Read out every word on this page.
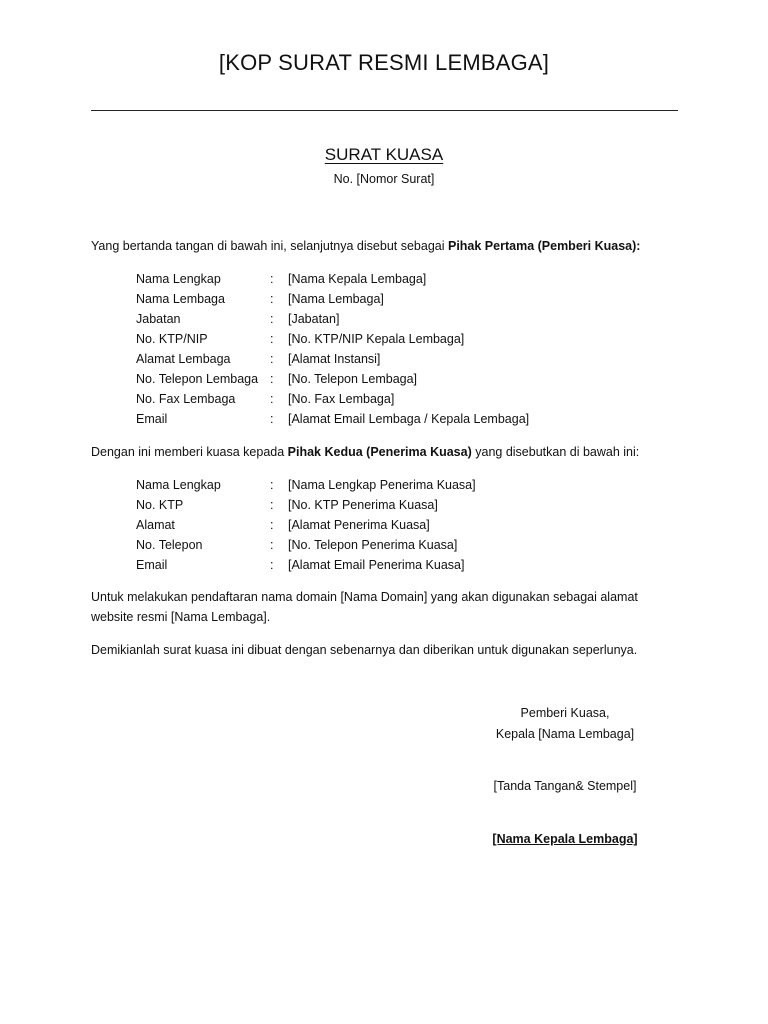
[KOP SURAT RESMI LEMBAGA]
SURAT KUASA
No. [Nomor Surat]
Yang bertanda tangan di bawah ini, selanjutnya disebut sebagai Pihak Pertama (Pemberi Kuasa):
Nama Lengkap	: [Nama Kepala Lembaga]
Nama Lembaga	: [Nama Lembaga]
Jabatan	: [Jabatan]
No. KTP/NIP	: [No. KTP/NIP Kepala Lembaga]
Alamat Lembaga	: [Alamat Instansi]
No. Telepon Lembaga : [No. Telepon Lembaga]
No. Fax Lembaga	: [No. Fax Lembaga]
Email	: [Alamat Email Lembaga / Kepala Lembaga]
Dengan ini memberi kuasa kepada Pihak Kedua (Penerima Kuasa) yang disebutkan di bawah ini:
Nama Lengkap	: [Nama Lengkap Penerima Kuasa]
No. KTP	: [No. KTP Penerima Kuasa]
Alamat	: [Alamat Penerima Kuasa]
No. Telepon	: [No. Telepon Penerima Kuasa]
Email	: [Alamat Email Penerima Kuasa]
Untuk melakukan pendaftaran nama domain [Nama Domain] yang akan digunakan sebagai alamat
website resmi [Nama Lembaga].
Demikianlah surat kuasa ini dibuat dengan sebenarnya dan diberikan untuk digunakan seperlunya.
Pemberi Kuasa,
Kepala [Nama Lembaga]
[Tanda Tangan& Stempel]
[Nama Kepala Lembaga]
